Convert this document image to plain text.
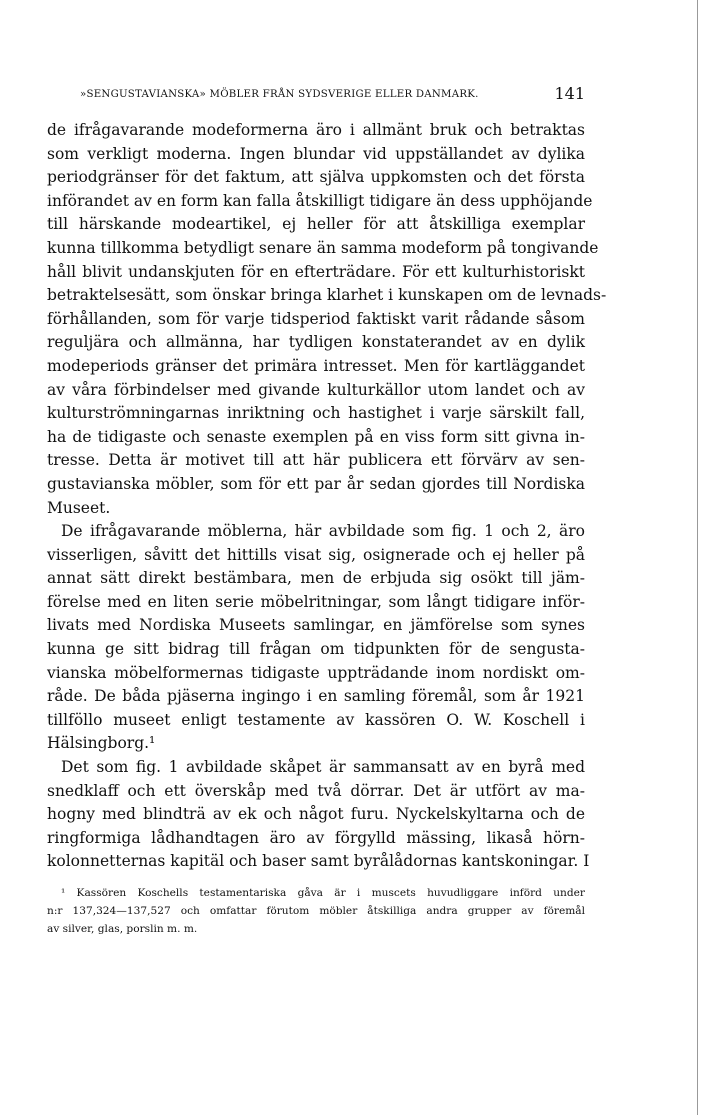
»SENGUSTAVIANSKA» MÖBLER FRÅN SYDSVERIGE ELLER DANMARK.	141
de ifrågavarande modeformerna äro i allmänt bruk och betraktas
som verkligt moderna. Ingen blundar vid uppställandet av dylika
periodgränser för det faktum, att själva uppkomsten och det första
införandet av en form kan falla åtskilligt tidigare än dess upphöjande
till härskande modeartikel, ej heller för att åtskilliga exemplar
kunna tillkomma betydligt senare än samma modeform på tongivande
håll blivit undanskjuten för en efterträdare. För ett kulturhistoriskt
betraktelsesätt, som önskar bringa klarhet i kunskapen om de levnads-
förhållanden, som för varje tidsperiod faktiskt varit rådande såsom
reguljära och allmänna, har tydligen konstaterandet av en dylik
modeperiods gränser det primära intresset. Men för kartläggandet
av våra förbindelser med givande kulturkällor utom landet och av
kulturströmningarnas inriktning och hastighet i varje särskilt fall,
ha de tidigaste och senaste exemplen på en viss form sitt givna in-
tresse. Detta är motivet till att här publicera ett förvärv av sen-
gustavianska möbler, som för ett par år sedan gjordes till Nordiska
Museet.
De ifrågavarande möblerna, här avbildade som fig. 1 och 2, äro
visserligen, såvitt det hittills visat sig, osignerade och ej heller på
annat sätt direkt bestämbara, men de erbjuda sig osökt till jäm-
förelse med en liten serie möbelritningar, som långt tidigare inför-
livats med Nordiska Museets samlingar, en jämförelse som synes
kunna ge sitt bidrag till frågan om tidpunkten för de sengusta-
vianska möbelformernas tidigaste uppträdande inom nordiskt om-
råde. De båda pjäserna ingingo i en samling föremål, som år 1921
tillföllo museet enligt testamente av kassören O. W. Koschell i
Hälsingborg.¹
Det som fig. 1 avbildade skåpet är sammansatt av en byrå med
snedklaff och ett överskåp med två dörrar. Det är utfört av ma-
hogny med blindträ av ek och något furu. Nyckelskyltarna och de
ringformiga lådhandtagen äro av förgylld mässing, likaså hörn-
kolonnetternas kapitäl och baser samt byrålådornas kantskoningar. I
¹ Kassören Koschells testamentariska gåva är i muscets huvudliggare införd under
n:r 137,324—137,527 och omfattar förutom möbler åtskilliga andra grupper av föremål
av silver, glas, porslin m. m.
